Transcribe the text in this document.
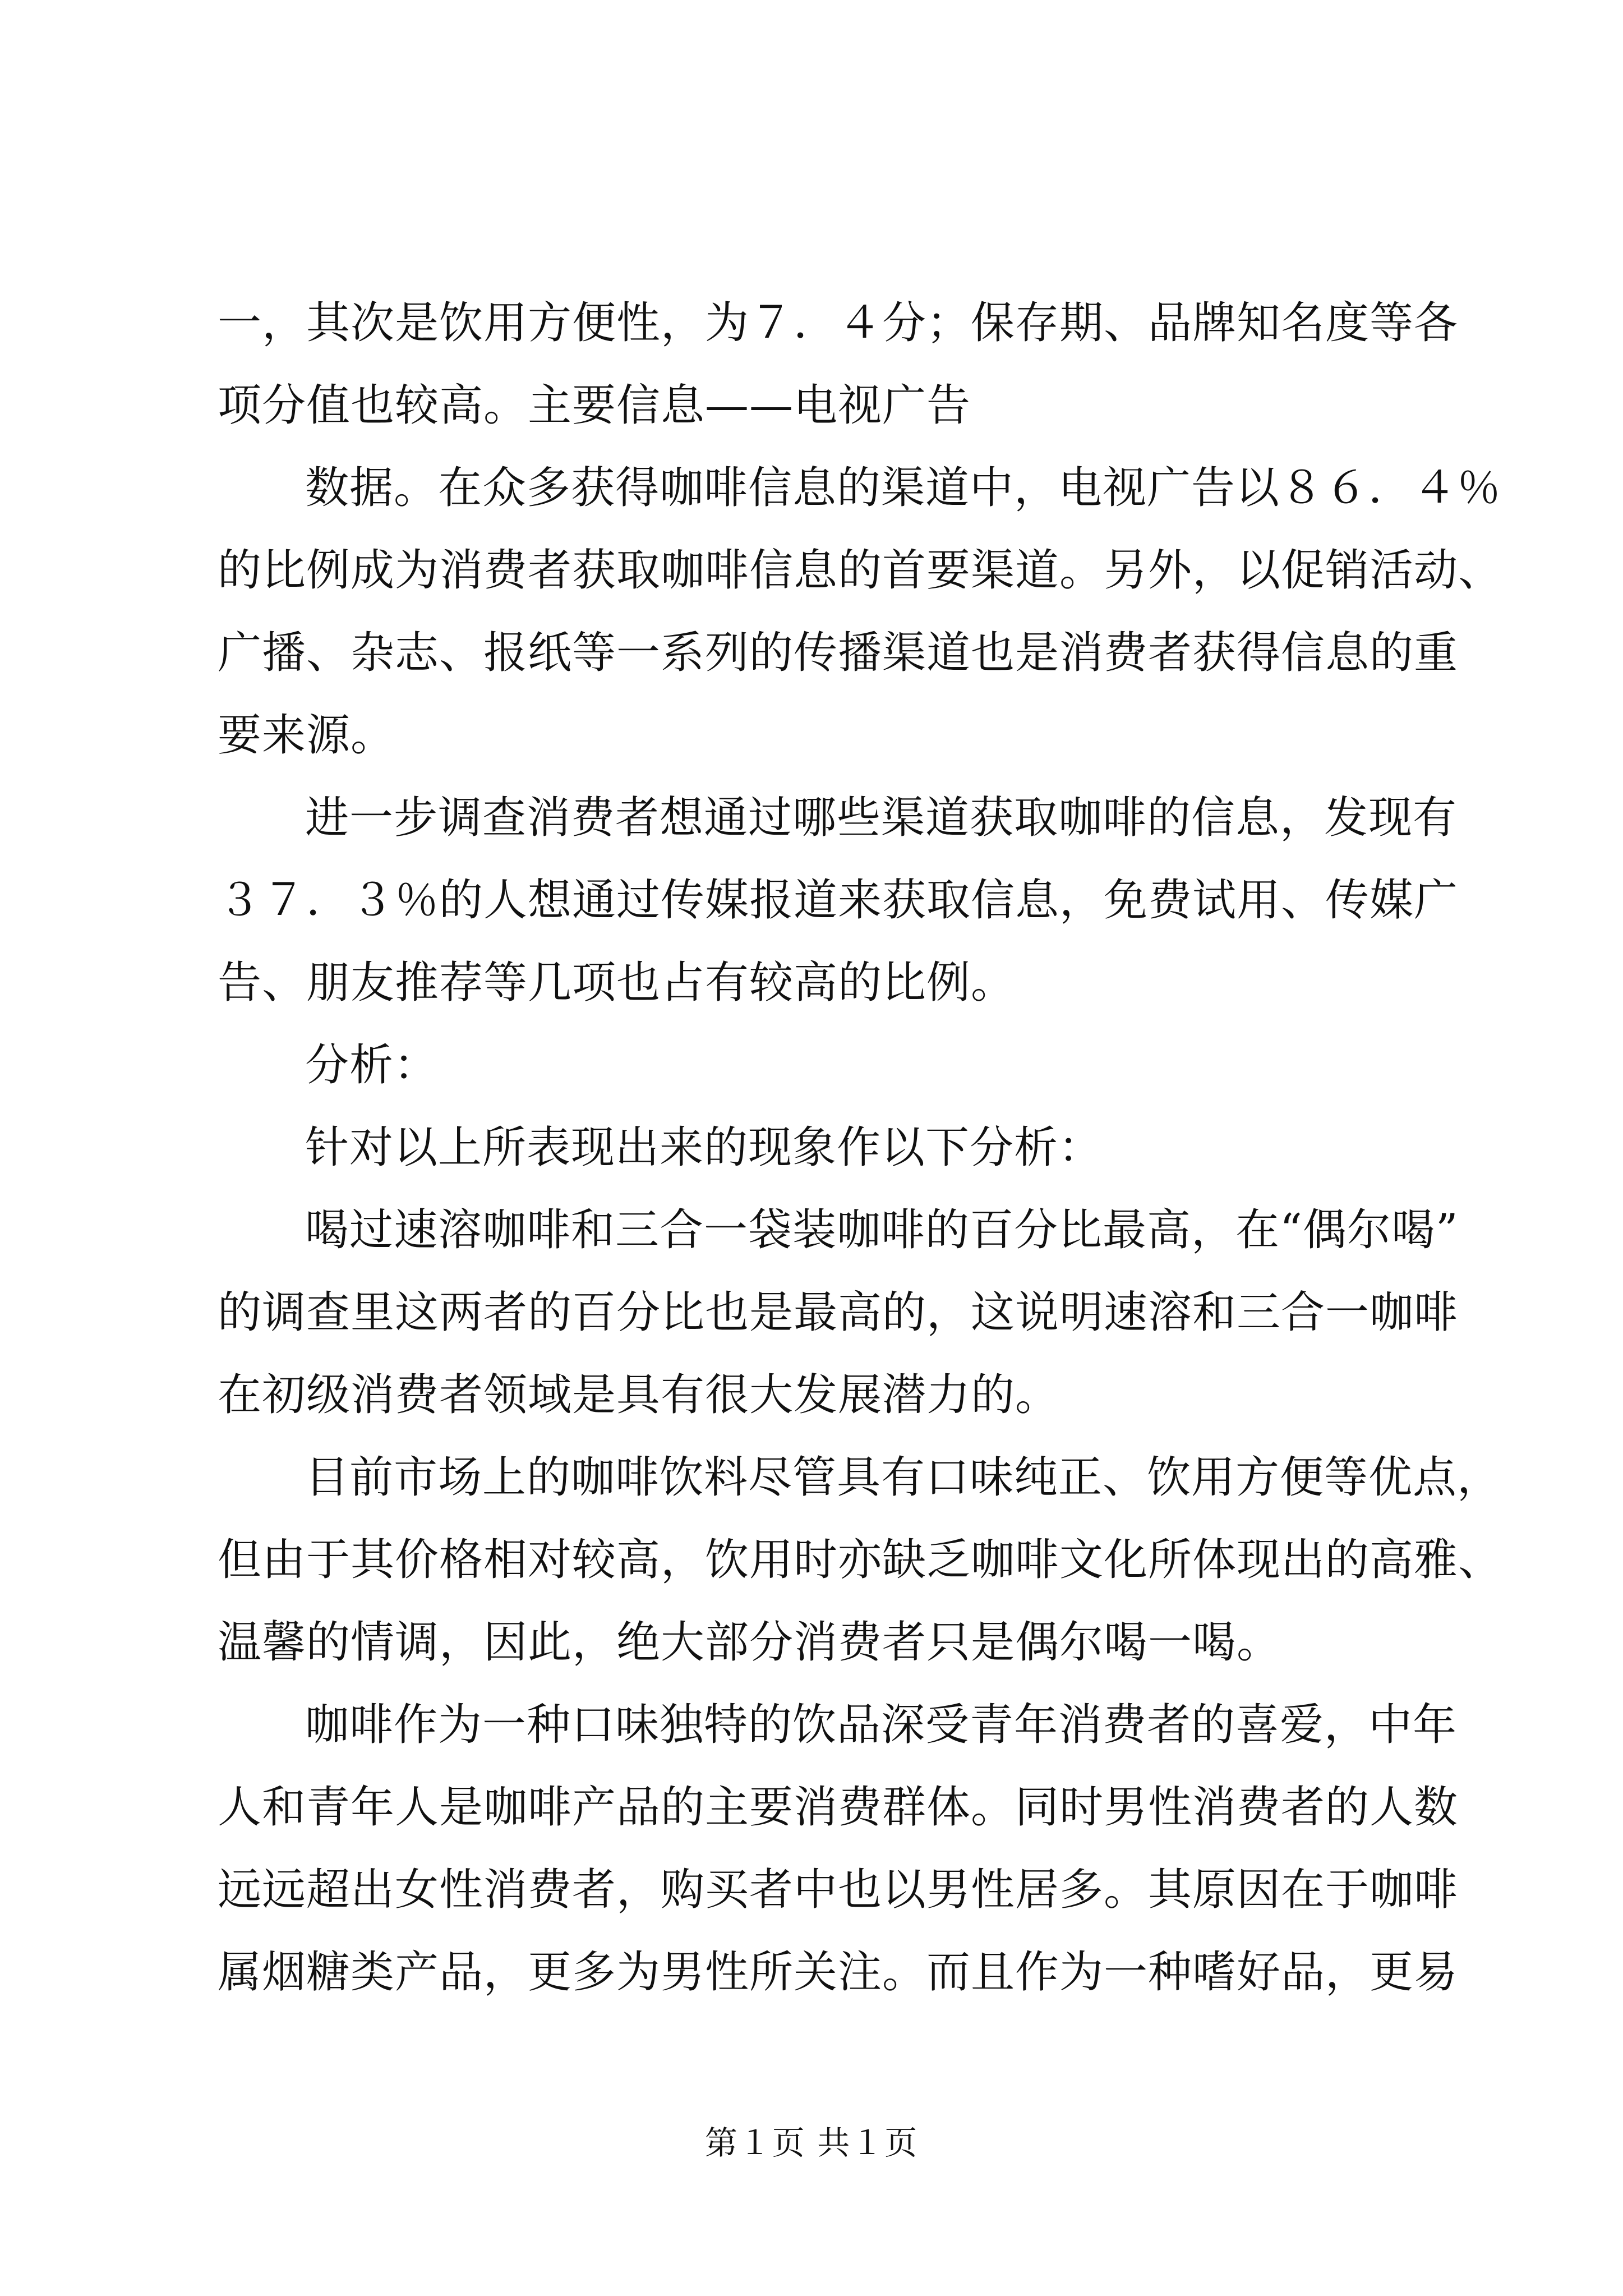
一，其次是饮用方便性，为７．４分；保存期、品牌知名度等各

项分值也较高。主要信息——电视广告

数据。在众多获得咖啡信息的渠道中，电视广告以８６．４％

的比例成为消费者获取咖啡信息的首要渠道。另外，以促销活动、

广播、杂志、报纸等一系列的传播渠道也是消费者获得信息的重

要来源。

进一步调查消费者想通过哪些渠道获取咖啡的信息，发现有

３７．３％的人想通过传媒报道来获取信息，免费试用、传媒广

告、朋友推荐等几项也占有较高的比例。

分析：

针对以上所表现出来的现象作以下分析：

喝过速溶咖啡和三合一袋装咖啡的百分比最高，在“偶尔喝”

的调查里这两者的百分比也是最高的，这说明速溶和三合一咖啡

在初级消费者领域是具有很大发展潜力的。

目前市场上的咖啡饮料尽管具有口味纯正、饮用方便等优点，

但由于其价格相对较高，饮用时亦缺乏咖啡文化所体现出的高雅、

温馨的情调，因此，绝大部分消费者只是偶尔喝一喝。

咖啡作为一种口味独特的饮品深受青年消费者的喜爱，中年

人和青年人是咖啡产品的主要消费群体。同时男性消费者的人数

远远超出女性消费者，购买者中也以男性居多。其原因在于咖啡

属烟糖类产品，更多为男性所关注。而且作为一种嗜好品，更易

第１页 共１页
